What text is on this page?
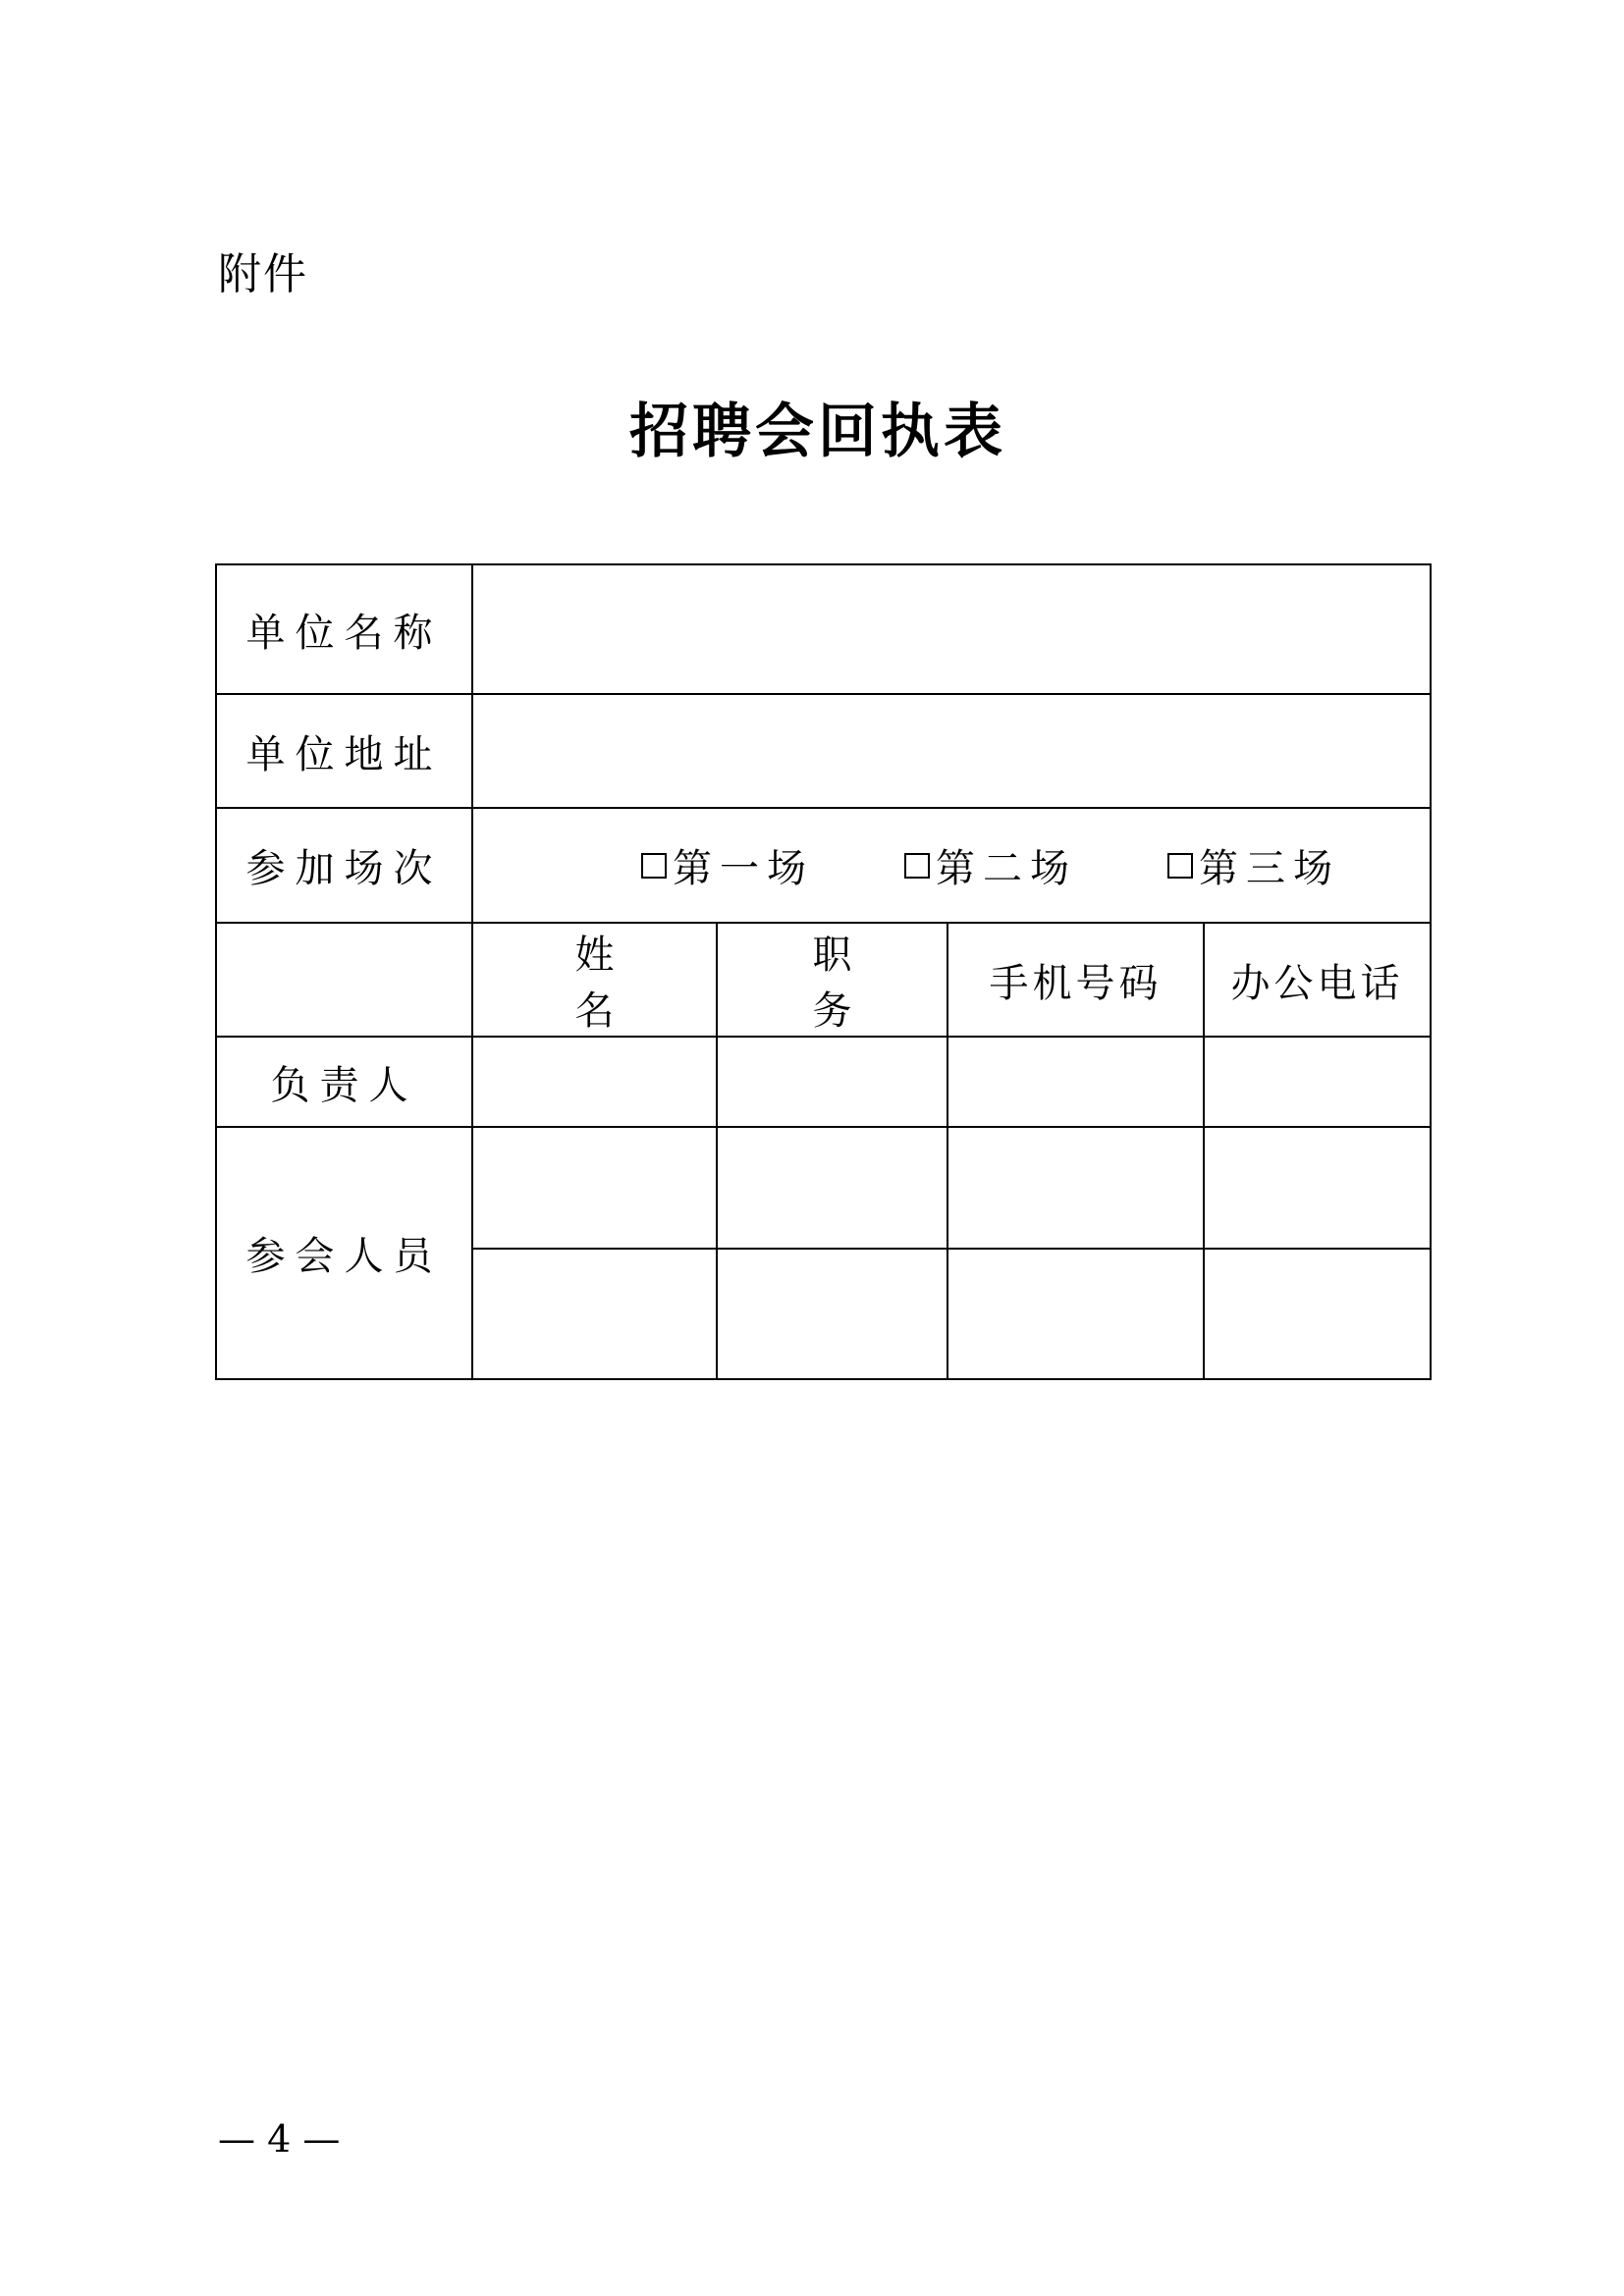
附件
招聘会回执表
单位名称				
单位地址				
参加场次	第一场 第二场 第三场			

	姓 名	职 务	手机号码	办公电话
负责人				
参会人员				

— 4 —
